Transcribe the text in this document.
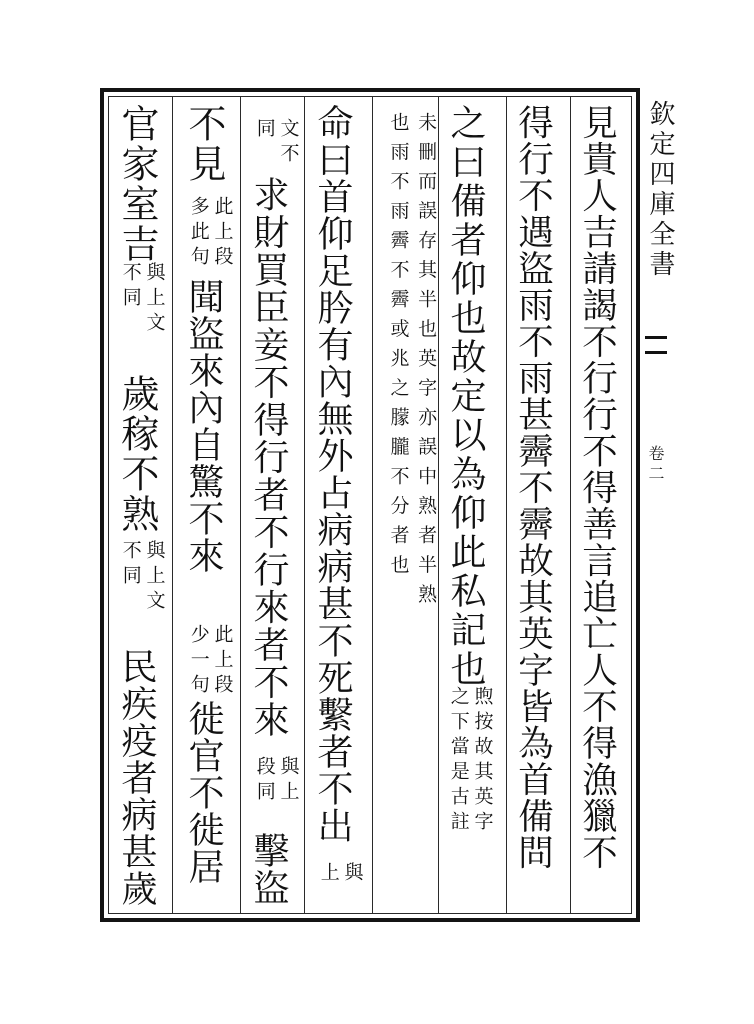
欽定四庫全書
卷二
見貴人吉請謁不行行不得善言追亡人不得漁獵不
得行不遇盜雨不雨甚霽不霽故其英字皆為首備問
之曰備者仰也故定以為仰此私記也
煦按故其英字
之下當是古註
未刪而誤存其半也英字亦誤中熟者半熟
也雨不雨霽不霽或兆之朦朧不分者也
命曰首仰足肣有內無外占病病甚不死繫者不出
與
上
文不
同
求財買臣妾不得行者不行來者不來
與上
段同
擊盜
不見
此上段
多此句
聞盜來內自驚不來
此上段
少一句
徙官不徙居
官家室吉
與上文
不同
歲稼不熟
與上文
不同
民疾疫者病甚歲
